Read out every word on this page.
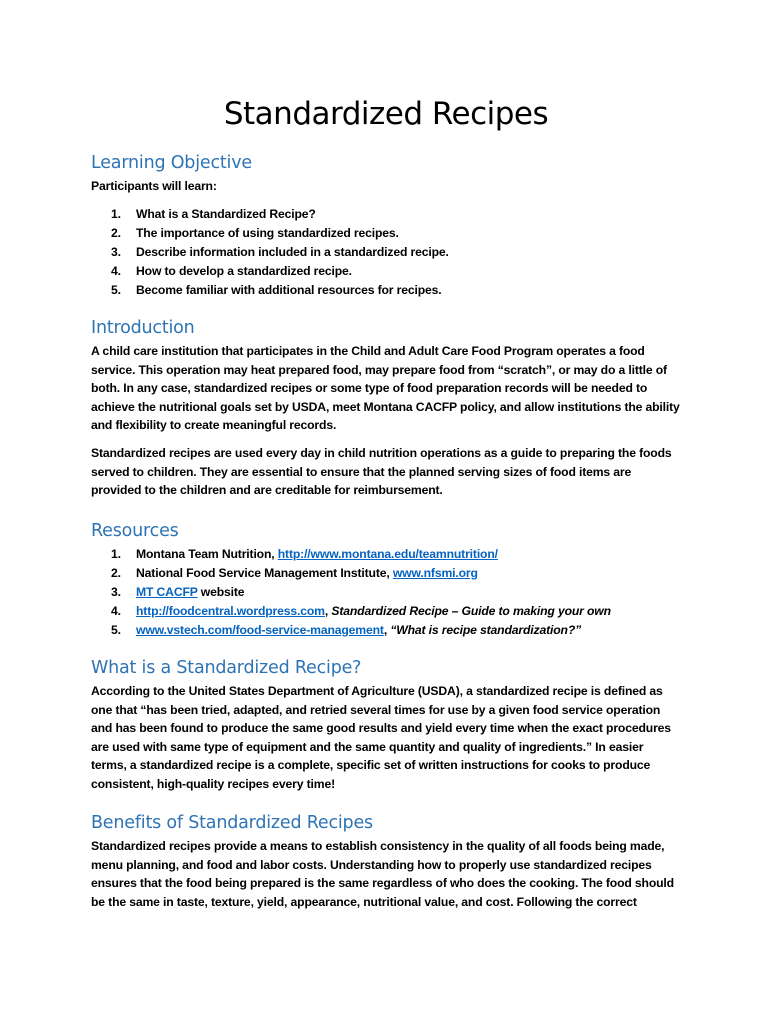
Standardized Recipes
Learning Objective

Participants will learn:

1. What is a Standardized Recipe?
2. The importance of using standardized recipes.
3. Describe information included in a standardized recipe.
4. How to develop a standardized recipe.
5. Become familiar with additional resources for recipes.
Introduction

A child care institution that participates in the Child and Adult Care Food Program operates a food service. This operation may heat prepared food, may prepare food from “scratch”, or may do a little of both. In any case, standardized recipes or some type of food preparation records will be needed to achieve the nutritional goals set by USDA, meet Montana CACFP policy, and allow institutions the ability and flexibility to create meaningful records.

Standardized recipes are used every day in child nutrition operations as a guide to preparing the foods served to children. They are essential to ensure that the planned serving sizes of food items are provided to the children and are creditable for reimbursement.

Resources
1. Montana Team Nutrition, http://www.montana.edu/teamnutrition/
2. National Food Service Management Institute, www.nfsmi.org
3. MT CACFP website
4. http://foodcentral.wordpress.com, Standardized Recipe – Guide to making your own
5. www.vstech.com/food-service-management, “What is recipe standardization?”
What is a Standardized Recipe?

According to the United States Department of Agriculture (USDA), a standardized recipe is defined as one that “has been tried, adapted, and retried several times for use by a given food service operation and has been found to produce the same good results and yield every time when the exact procedures are used with same type of equipment and the same quantity and quality of ingredients.” In easier terms, a standardized recipe is a complete, specific set of written instructions for cooks to produce consistent, high-quality recipes every time!

Benefits of Standardized Recipes

Standardized recipes provide a means to establish consistency in the quality of all foods being made, menu planning, and food and labor costs. Understanding how to properly use standardized recipes ensures that the food being prepared is the same regardless of who does the cooking. The food should be the same in taste, texture, yield, appearance, nutritional value, and cost. Following the correct
